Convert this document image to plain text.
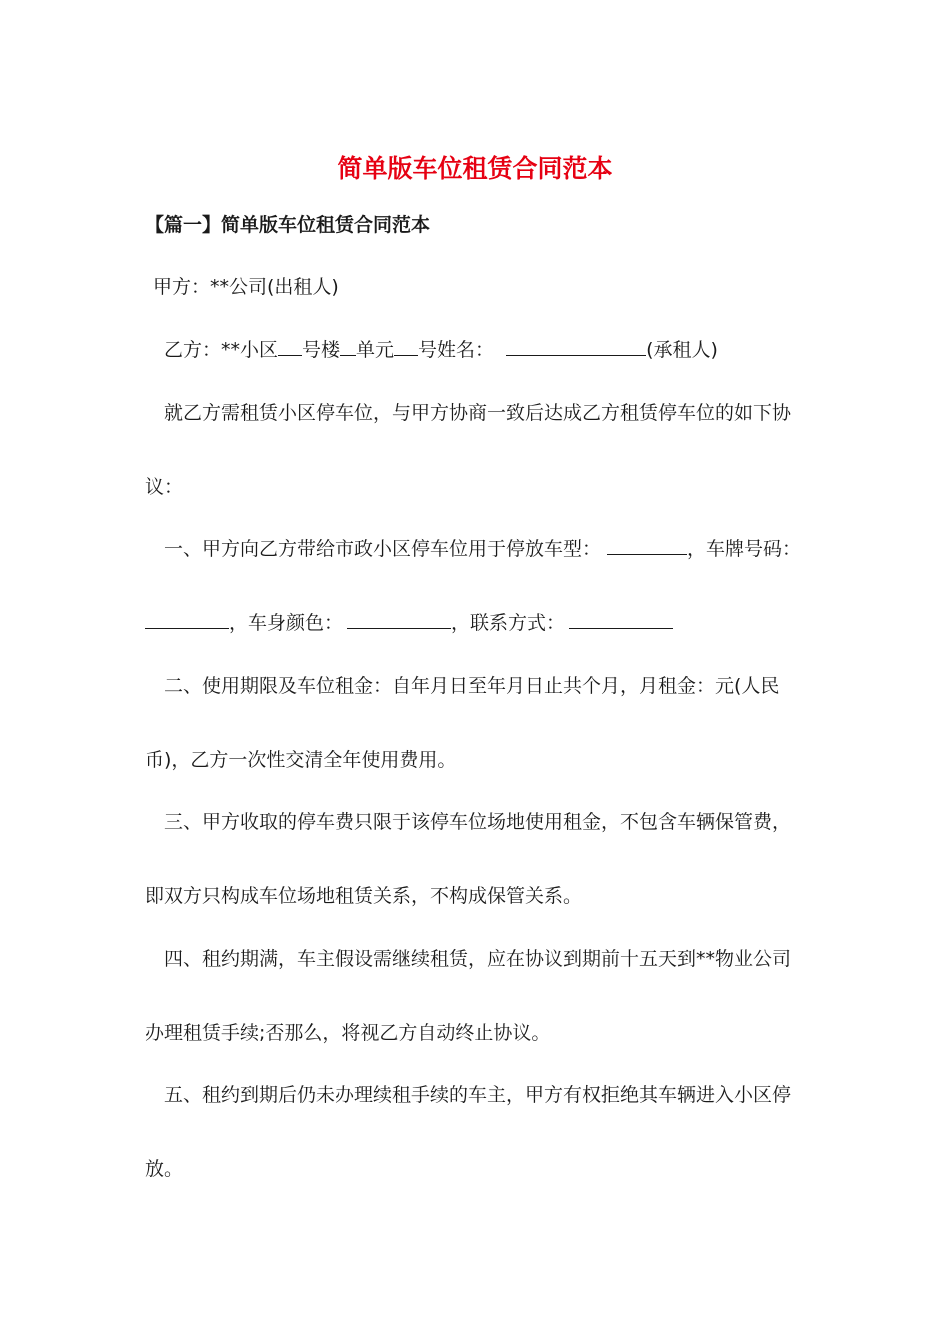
简单版车位租赁合同范本
【篇一】简单版车位租赁合同范本
甲方：**公司(出租人)
乙方：**小区 号楼 单元 号姓名：	(承租人)
就乙方需租赁小区停车位，与甲方协商一致后达成乙方租赁停车位的如下协
议：
一、甲方向乙方带给市政小区停车位用于停放车型：	，车牌号码：
，车身颜色：	，联系方式：
二、使用期限及车位租金：自年月日至年月日止共个月，月租金：元(人民
币)，乙方一次性交清全年使用费用。
三、甲方收取的停车费只限于该停车位场地使用租金，不包含车辆保管费，
即双方只构成车位场地租赁关系，不构成保管关系。
四、租约期满，车主假设需继续租赁，应在协议到期前十五天到**物业公司
办理租赁手续;否那么，将视乙方自动终止协议。
五、租约到期后仍未办理续租手续的车主，甲方有权拒绝其车辆进入小区停
放。
